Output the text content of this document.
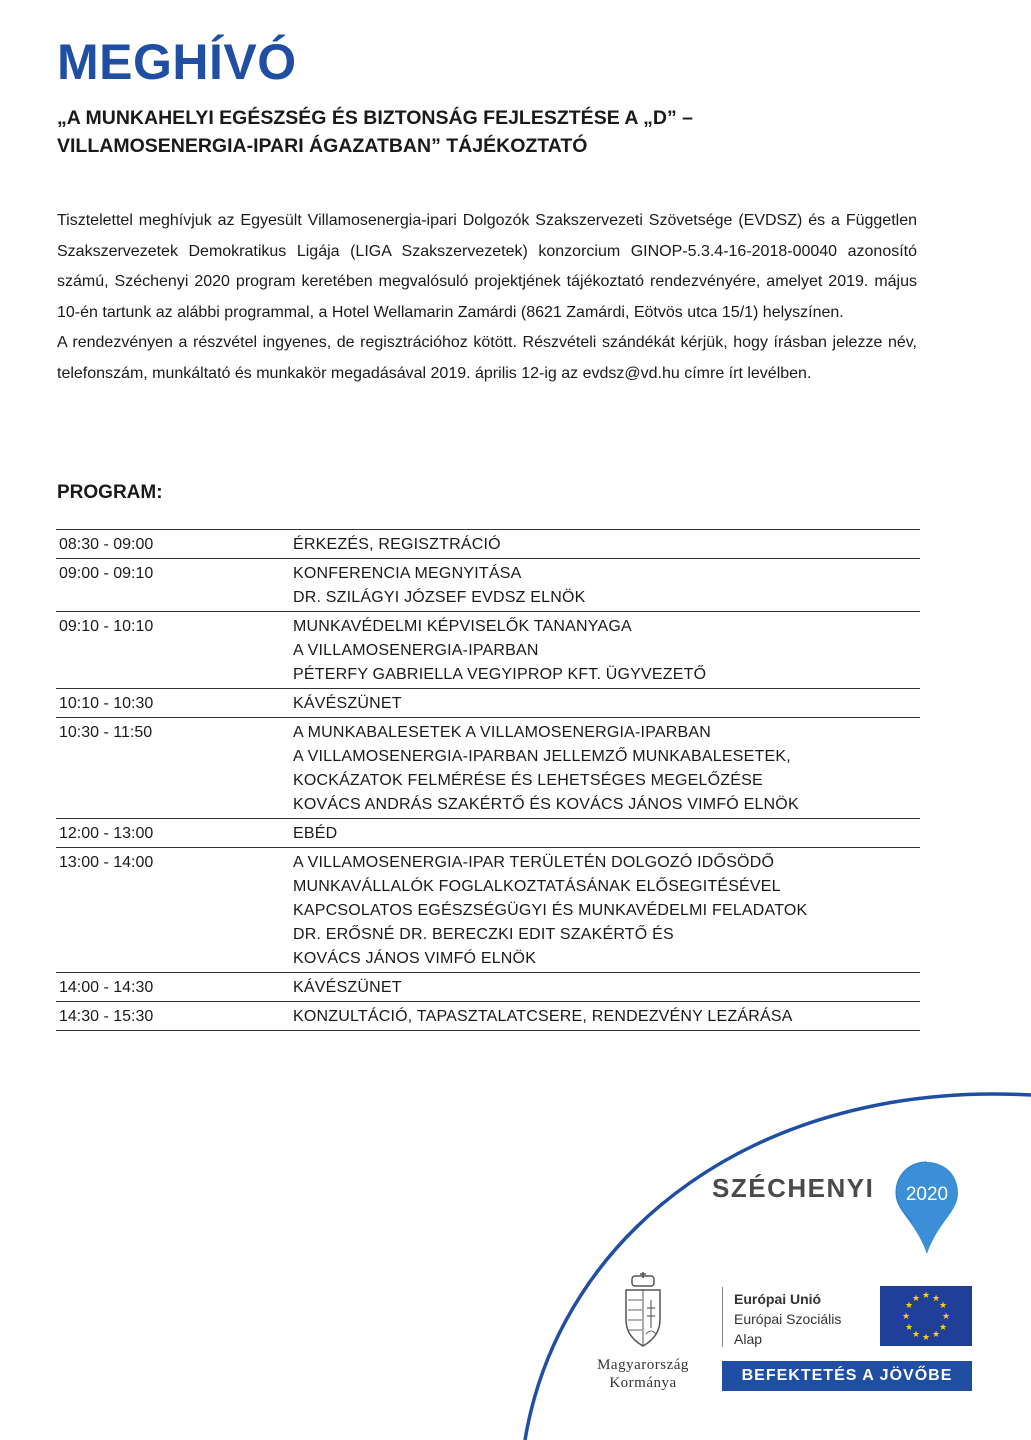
MEGHÍVÓ
„A MUNKAHELYI EGÉSZSÉG ÉS BIZTONSÁG FEJLESZTÉSE A „D” –
VILLAMOSENERGIA-IPARI ÁGAZATBAN” TÁJÉKOZTATÓ
Tisztelettel meghívjuk az Egyesült Villamosenergia-ipari Dolgozók Szakszervezeti Szövetsége (EVDSZ) és a Független Szakszervezetek Demokratikus Ligája (LIGA Szakszervezetek) konzorcium GINOP-5.3.4-16-2018-00040 azonosító számú, Széchenyi 2020 program keretében megvalósuló projektjének tájékoztató rendezvényére, amelyet 2019. május 10-én tartunk az alábbi programmal, a Hotel Wellamarin Zamárdi (8621 Zamárdi, Eötvös utca 15/1) helyszínen.
A rendezvényen a részvétel ingyenes, de regisztrációhoz kötött. Részvételi szándékát kérjük, hogy írásban jelezze név, telefonszám, munkáltató és munkakör megadásával 2019. április 12-ig az evdsz@vd.hu címre írt levélben.
PROGRAM:
08:30 - 09:00	ÉRKEZÉS, REGISZTRÁCIÓ
09:00 - 09:10	KONFERENCIA MEGNYITÁSA
DR. SZILÁGYI JÓZSEF EVDSZ ELNÖK
09:10 - 10:10	MUNKAVÉDELMI KÉPVISELŐK TANANYAGA
A VILLAMOSENERGIA-IPARBAN
PÉTERFY GABRIELLA VEGYIPROP KFT. ÜGYVEZETŐ
10:10 - 10:30	KÁVÉSZÜNET
10:30 - 11:50	A MUNKABALESETEK A VILLAMOSENERGIA-IPARBAN
A VILLAMOSENERGIA-IPARBAN JELLEMZŐ MUNKABALESETEK,
KOCKÁZATOK FELMÉRÉSE ÉS LEHETSÉGES MEGELŐZÉSE
KOVÁCS ANDRÁS SZAKÉRTŐ ÉS KOVÁCS JÁNOS VIMFÓ ELNÖK
12:00 - 13:00	EBÉD
13:00 - 14:00	A VILLAMOSENERGIA-IPAR TERÜLETÉN DOLGOZÓ IDŐSÖDŐ
MUNKAVÁLLALÓK FOGLALKOZTATÁSÁNAK ELŐSEGITÉSÉVEL
KAPCSOLATOS EGÉSZSÉGÜGYI ÉS MUNKAVÉDELMI FELADATOK
DR. ERŐSNÉ DR. BERECZKI EDIT SZAKÉRTŐ ÉS
KOVÁCS JÁNOS VIMFÓ ELNÖK
14:00 - 14:30	KÁVÉSZÜNET
14:30 - 15:30	KONZULTÁCIÓ, TAPASZTALATCSERE, RENDEZVÉNY LEZÁRÁSA
SZÉCHENYI 2020
Magyarország
Kormánya
Európai Unió
Európai Szociális
Alap
★ ★
★
★
★
★
★
★
★
★
★
★
BEFEKTETÉS A JÖVŐBE
